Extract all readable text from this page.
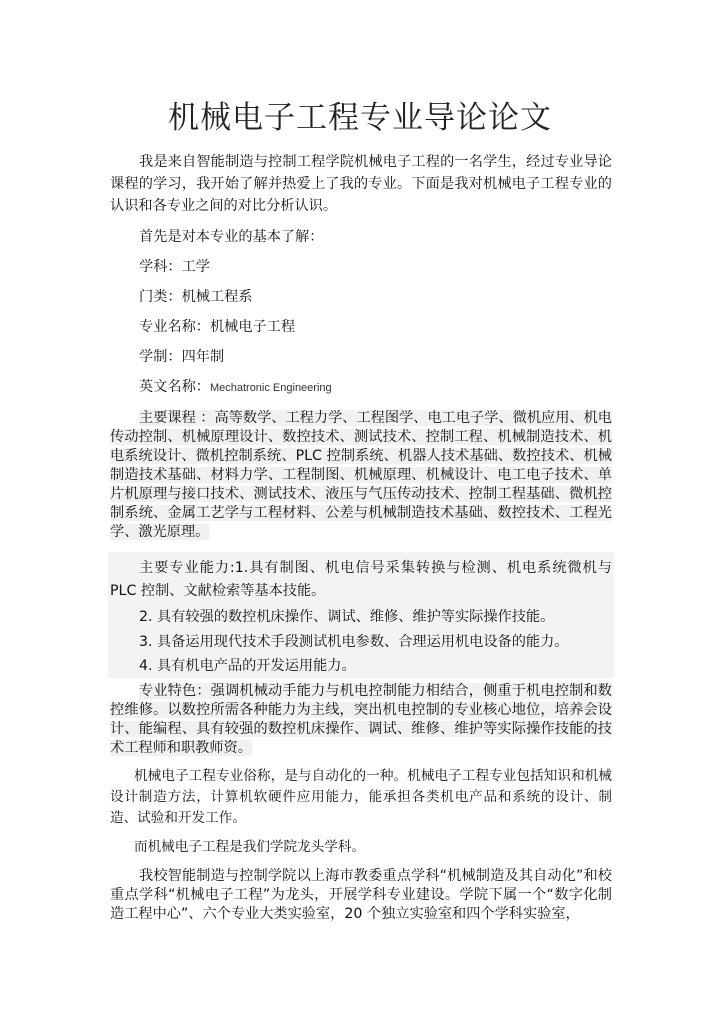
机械电子工程专业导论论文
我是来自智能制造与控制工程学院机械电子工程的一名学生，经过专业导论课程的学习，我开始了解并热爱上了我的专业。下面是我对机械电子工程专业的认识和各专业之间的对比分析认识。
首先是对本专业的基本了解：
学科：工学
门类：机械工程系
专业名称：机械电子工程
学制：四年制
英文名称：Mechatronic Engineering
主要课程 ：高等数学、工程力学、工程图学、电工电子学、微机应用、机电传动控制、机械原理设计、数控技术、测试技术、控制工程、机械制造技术、机电系统设计、微机控制系统、PLC 控制系统、机器人技术基础、数控技术、机械制造技术基础、材料力学、工程制图、机械原理、机械设计、电工电子技术、单片机原理与接口技术、测试技术、液压与气压传动技术、控制工程基础、微机控制系统、金属工艺学与工程材料、公差与机械制造技术基础、数控技术、工程光学、激光原理。
主要专业能力:1.具有制图、机电信号采集转换与检测、机电系统微机与 PLC 控制、文献检索等基本技能。
2. 具有较强的数控机床操作、调试、维修、维护等实际操作技能。
3. 具备运用现代技术手段测试机电参数、合理运用机电设备的能力。
4. 具有机电产品的开发运用能力。
专业特色：强调机械动手能力与机电控制能力相结合，侧重于机电控制和数控维修。以数控所需各种能力为主线，突出机电控制的专业核心地位，培养会设计、能编程、具有较强的数控机床操作、调试、维修、维护等实际操作技能的技术工程师和职教师资。
机械电子工程专业俗称，是与自动化的一种。机械电子工程专业包括知识和机械设计制造方法，计算机软硬件应用能力，能承担各类机电产品和系统的设计、制造、试验和开发工作。
而机械电子工程是我们学院龙头学科。
我校智能制造与控制学院以上海市教委重点学科“机械制造及其自动化”和校重点学科“机械电子工程”为龙头，开展学科专业建设。学院下属一个“数字化制造工程中心”、六个专业大类实验室，20 个独立实验室和四个学科实验室，
